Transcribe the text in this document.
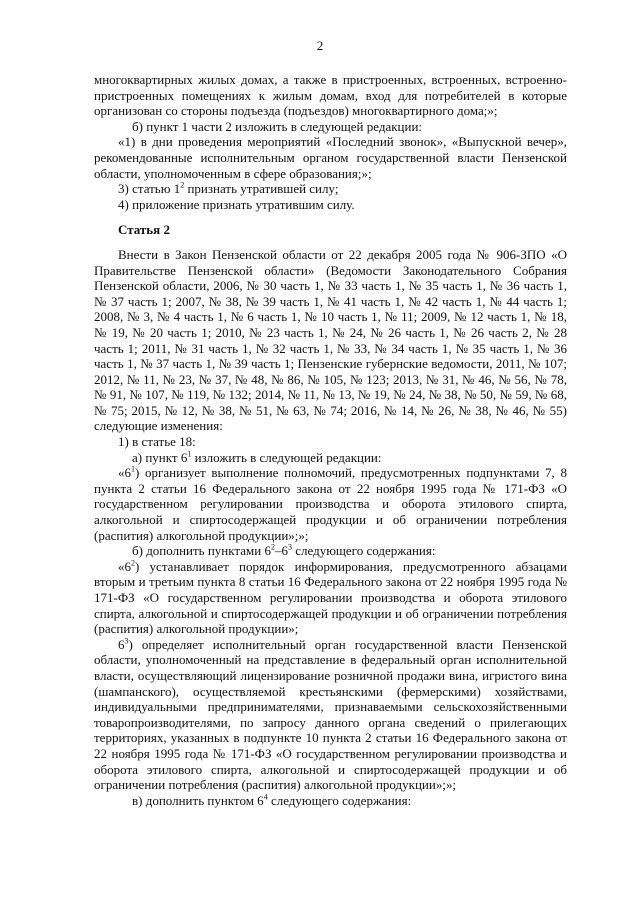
2

многоквартирных жилых домах, а также в пристроенных, встроенных, встроенно-пристроенных помещениях к жилым домам, вход для потребителей в которые организован со стороны подъезда (подъездов) многоквартирного дома;»;

б) пункт 1 части 2 изложить в следующей редакции:

«1) в дни проведения мероприятий «Последний звонок», «Выпускной вечер», рекомендованные исполнительным органом государственной власти Пензенской области, уполномоченным в сфере образования;»;

3) статью $1^2$ признать утратившей силу;

4) приложение признать утратившим силу.

Статья 2

Внести в Закон Пензенской области от 22 декабря 2005 года № 906-ЗПО «О Правительстве Пензенской области» (Ведомости Законодательного Собрания Пензенской области, 2006, № 30 часть 1, № 33 часть 1, № 35 часть 1, № 36 часть 1, № 37 часть 1; 2007, № 38, № 39 часть 1, № 41 часть 1, № 42 часть 1, № 44 часть 1; 2008, № 3, № 4 часть 1, № 6 часть 1, № 10 часть 1, № 11; 2009, № 12 часть 1, № 18, № 19, № 20 часть 1; 2010, № 23 часть 1, № 24, № 26 часть 1, № 26 часть 2, № 28 часть 1; 2011, № 31 часть 1, № 32 часть 1, № 33, № 34 часть 1, № 35 часть 1, № 36 часть 1, № 37 часть 1, № 39 часть 1; Пензенские губернские ведомости, 2011, № 107; 2012, № 11, № 23, № 37, № 48, № 86, № 105, № 123; 2013, № 31, № 46, № 56, № 78, № 91, № 107, № 119, № 132; 2014, № 11, № 13, № 19, № 24, № 38, № 50, № 59, № 68, № 75; 2015, № 12, № 38, № 51, № 63, № 74; 2016, № 14, № 26, № 38, № 46, № 55) следующие изменения:

1) в статье 18:

а) пункт $6^1$ изложить в следующей редакции:

«$6^1$) организует выполнение полномочий, предусмотренных подпунктами 7, 8 пункта 2 статьи 16 Федерального закона от 22 ноября 1995 года № 171-ФЗ «О государственном регулировании производства и оборота этилового спирта, алкогольной и спиртосодержащей продукции и об ограничении потребления (распития) алкогольной продукции»;»;

б) дополнить пунктами $6^2-6^3$ следующего содержания:

«$6^2$) устанавливает порядок информирования, предусмотренного абзацами вторым и третьим пункта 8 статьи 16 Федерального закона от 22 ноября 1995 года № 171-ФЗ «О государственном регулировании производства и оборота этилового спирта, алкогольной и спиртосодержащей продукции и об ограничении потребления (распития) алкогольной продукции»;

$6^3$) определяет исполнительный орган государственной власти Пензенской области, уполномоченный на представление в федеральный орган исполнительной власти, осуществляющий лицензирование розничной продажи вина, игристого вина (шампанского), осуществляемой крестьянскими (фермерскими) хозяйствами, индивидуальными предпринимателями, признаваемыми сельскохозяйственными товаропроизводителями, по запросу данного органа сведений о прилегающих территориях, указанных в подпункте 10 пункта 2 статьи 16 Федерального закона от 22 ноября 1995 года № 171-ФЗ «О государственном регулировании производства и оборота этилового спирта, алкогольной и спиртосодержащей продукции и об ограничении потребления (распития) алкогольной продукции»;»;

в) дополнить пунктом $6^4$ следующего содержания:
